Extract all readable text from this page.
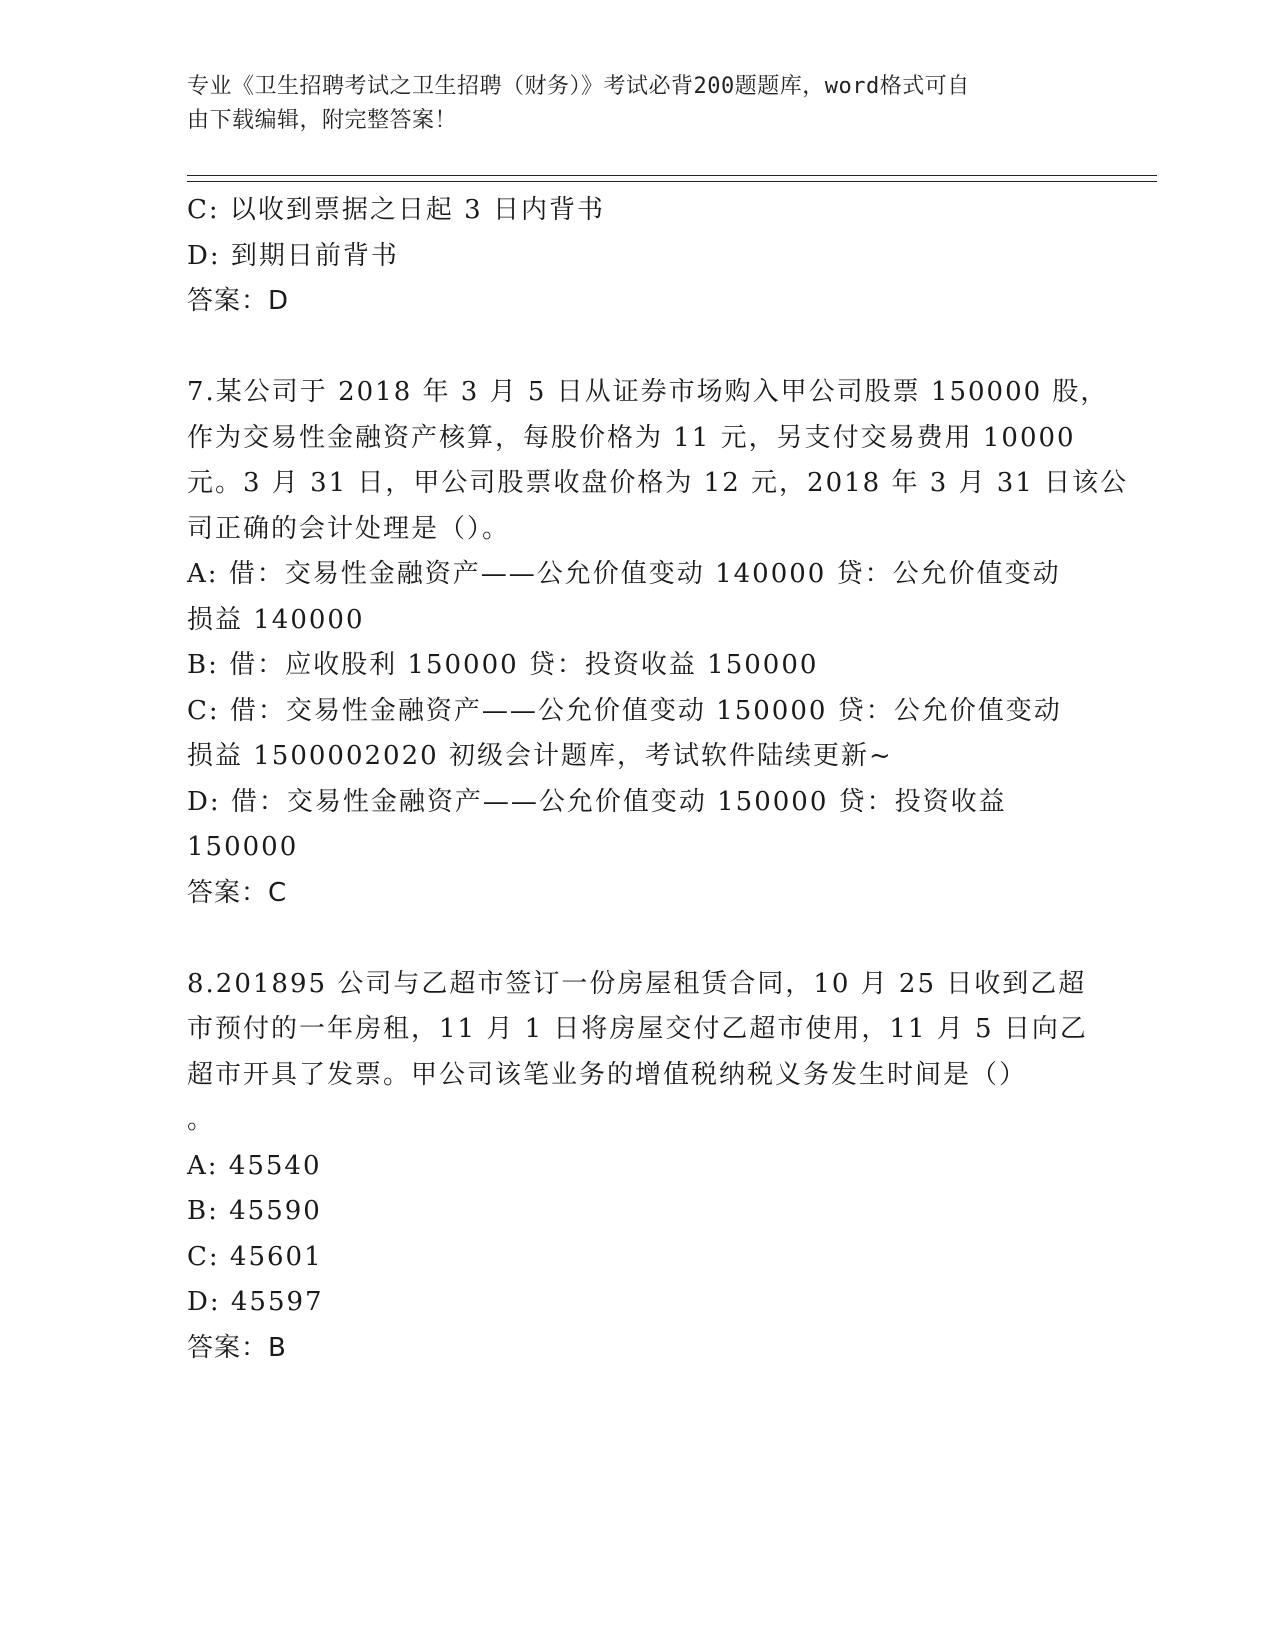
专业《卫生招聘考试之卫生招聘（财务）》考试必背200题题库，word格式可自
由下载编辑，附完整答案！
C: 以收到票据之日起 3 日内背书
D: 到期日前背书
答案：D
7.某公司于 2018 年 3 月 5 日从证券市场购入甲公司股票 150000 股，
作为交易性金融资产核算，每股价格为 11 元，另支付交易费用 10000
元。3 月 31 日，甲公司股票收盘价格为 12 元，2018 年 3 月 31 日该公
司正确的会计处理是（）。
A: 借：交易性金融资产——公允价值变动 140000 贷：公允价值变动
损益 140000
B: 借：应收股利 150000 贷：投资收益 150000
C: 借：交易性金融资产——公允价值变动 150000 贷：公允价值变动
损益 1500002020 初级会计题库，考试软件陆续更新~
D: 借：交易性金融资产——公允价值变动 150000 贷：投资收益
150000
答案：C
8.201895 公司与乙超市签订一份房屋租赁合同，10 月 25 日收到乙超
市预付的一年房租，11 月 1 日将房屋交付乙超市使用，11 月 5 日向乙
超市开具了发票。甲公司该笔业务的增值税纳税义务发生时间是（）
。
A: 45540
B: 45590
C: 45601
D: 45597
答案：B
